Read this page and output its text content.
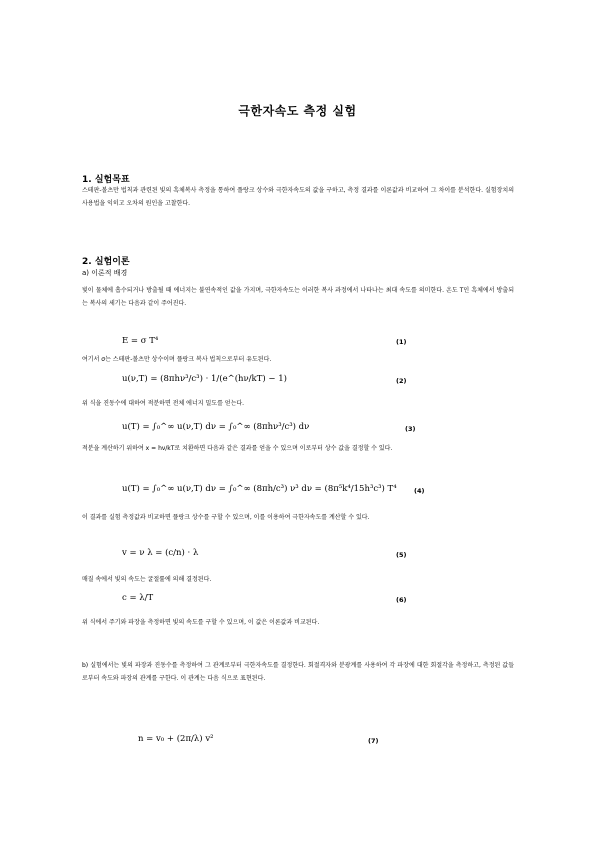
극한자속도 측정 실험
1. 실험목표
스테판-볼츠만 법칙과 관련된 빛의 흑체복사 측정을 통하여 플랑크 상수와 극한자속도의 값을 구하고, 측정 결과를 이론값과 비교하여 그 차이를 분석한다. 실험장치의 사용법을 익히고 오차의 원인을 고찰한다.
2. 실험이론
a) 이론적 배경
빛이 물체에 흡수되거나 방출될 때 에너지는 불연속적인 값을 가지며, 극한자속도는 이러한 복사 과정에서 나타나는 최대 속도를 의미한다. 온도 T인 흑체에서 방출되는 복사의 세기는 다음과 같이 주어진다.
E = σ T⁴	(1)
여기서 σ는 스테판-볼츠만 상수이며 플랑크 복사 법칙으로부터 유도된다.
u(ν,T) = (8πhν³/c³) · 1/(e^(hν/kT) − 1)	(2)
위 식을 진동수에 대하여 적분하면 전체 에너지 밀도를 얻는다.
u(T) = ∫₀^∞ u(ν,T) dν = ∫₀^∞ (8πhν³/c³) dν	(3)
적분을 계산하기 위하여 x = hν/kT로 치환하면 다음과 같은 결과를 얻을 수 있으며 이로부터 상수 값을 결정할 수 있다.
u(T) = ∫₀^∞ u(ν,T) dν = ∫₀^∞ (8πh/c³) ν³ dν = (8π⁵k⁴/15h³c³) T⁴	(4)
이 결과를 실험 측정값과 비교하면 플랑크 상수를 구할 수 있으며, 이를 이용하여 극한자속도를 계산할 수 있다.
v = ν λ = (c/n) · λ	(5)
매질 속에서 빛의 속도는 굴절률에 의해 결정된다.
c = λ/T	(6)
위 식에서 주기와 파장을 측정하면 빛의 속도를 구할 수 있으며, 이 값은 이론값과 비교된다.
b) 실험에서는 빛의 파장과 진동수를 측정하여 그 관계로부터 극한자속도를 결정한다. 회절격자와 분광계를 사용하여 각 파장에 대한 회절각을 측정하고, 측정된 값들로부터 속도와 파장의 관계를 구한다. 이 관계는 다음 식으로 표현된다.
n = v₀ + (2π/λ) v²	(7)
